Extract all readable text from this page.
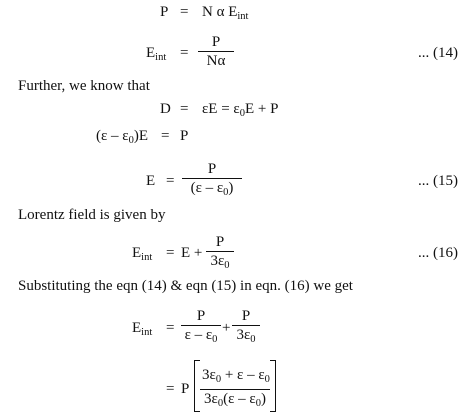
P = N α $E_{int}$
$E_{int}$ =
P
Nα	... (14)
Further, we know that
$D = \varepsilon E = \varepsilon_0E + P$
$(\varepsilon - \varepsilon_0)E = P$
E =
P
$(\varepsilon - \varepsilon_0)$	... (15)
Lorentz field is given by
$E_{int} = E$ +
P
$3\varepsilon_0$
... (16)
Substituting the eqn (14) & eqn (15) in eqn. (16) we get
$E_{int}$ =
P
ε – $\varepsilon_0$
+
P
$3\varepsilon_0$
= P
$3\varepsilon_0 + \varepsilon - \varepsilon_0$
$3\varepsilon_0(\varepsilon - \varepsilon_0)$
